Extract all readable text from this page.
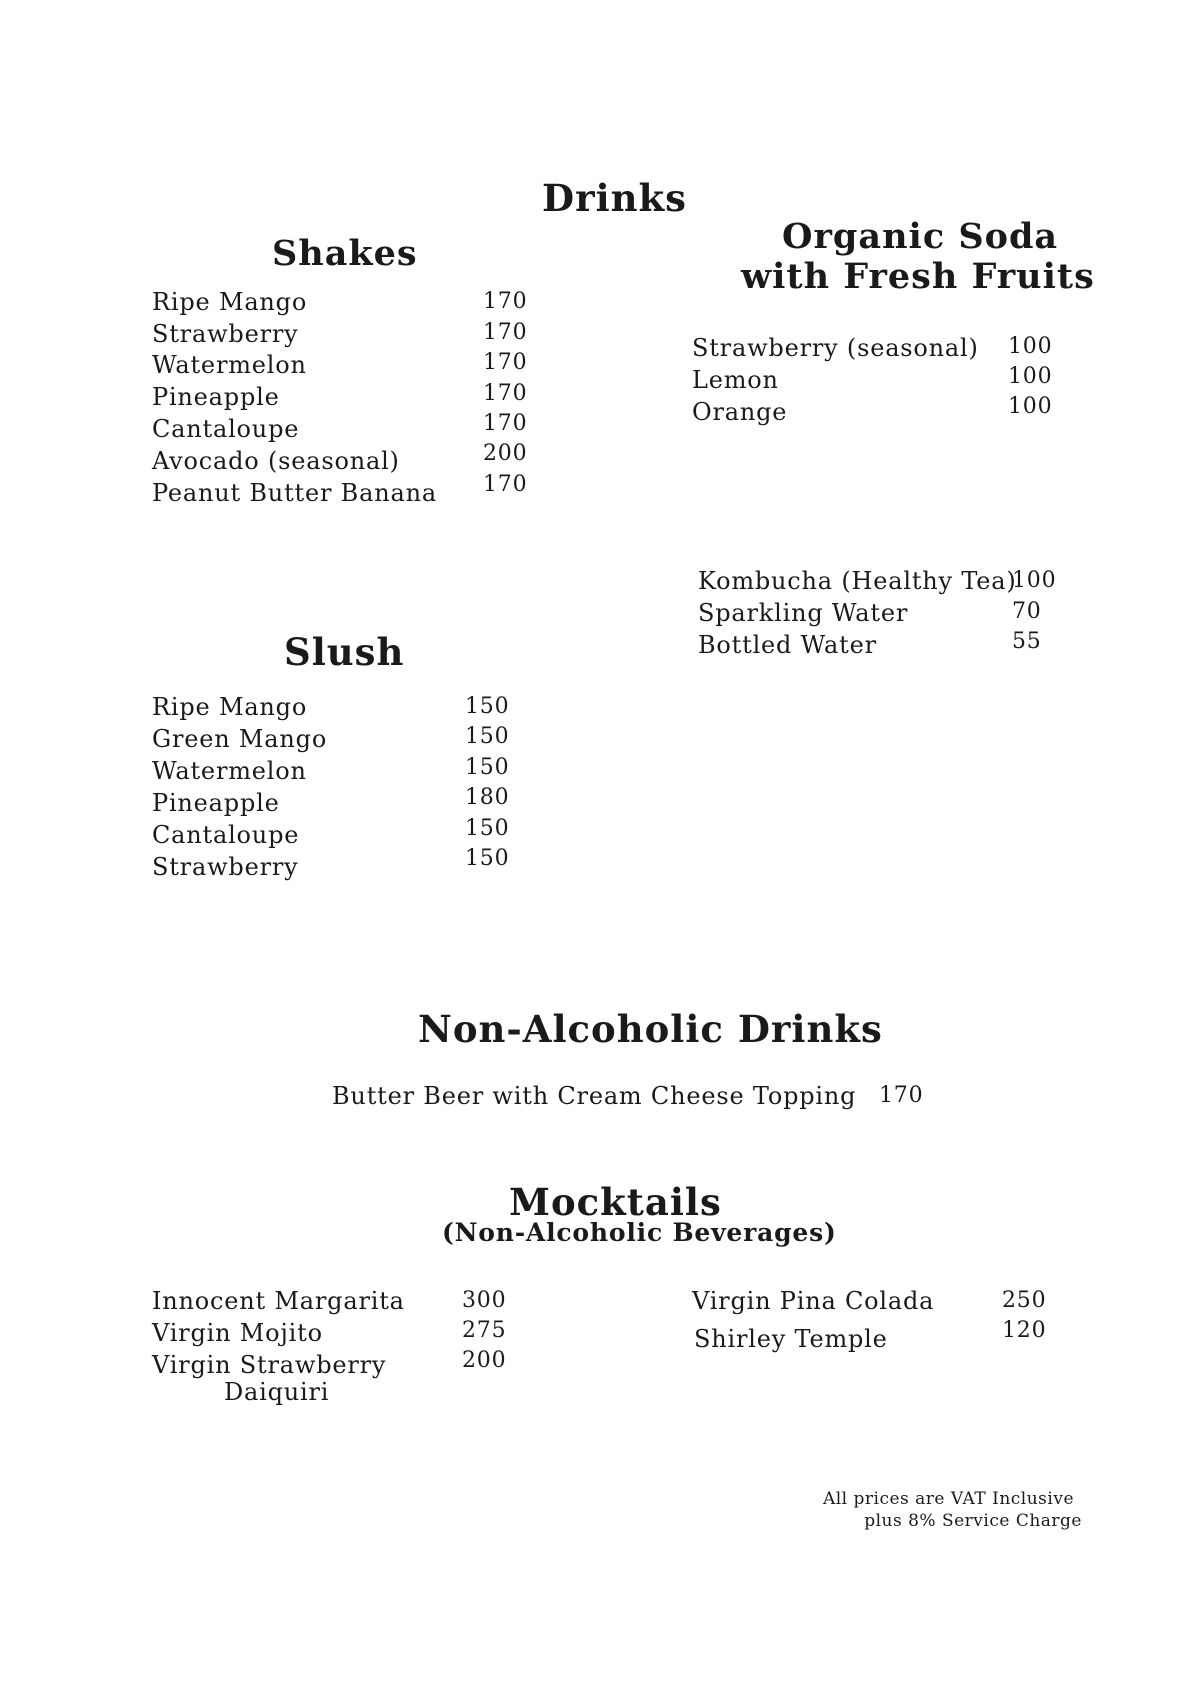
Drinks
Shakes
Ripe Mango	170
Strawberry	170
Watermelon	170
Pineapple	170
Cantaloupe	170
Avocado (seasonal)	200
Peanut Butter Banana 170
Organic Soda
with Fresh Fruits
Strawberry (seasonal) 100
Lemon	100
Orange	100
Kombucha (Healthy Tea)
100
Sparkling Water	70
Bottled Water	55
Slush
Ripe Mango	150
Green Mango	150
Watermelon	150
Pineapple	180
Cantaloupe	150
Strawberry	150
Non-Alcoholic Drinks
Butter Beer with Cream Cheese Topping 170
Mocktails
(Non-Alcoholic Beverages)
Innocent Margarita	300
Virgin Mojito	275
Virgin Strawberry
Daiquiri
200
Virgin Pina Colada	250
Shirley Temple	120
All prices are VAT Inclusive
plus 8% Service Charge
